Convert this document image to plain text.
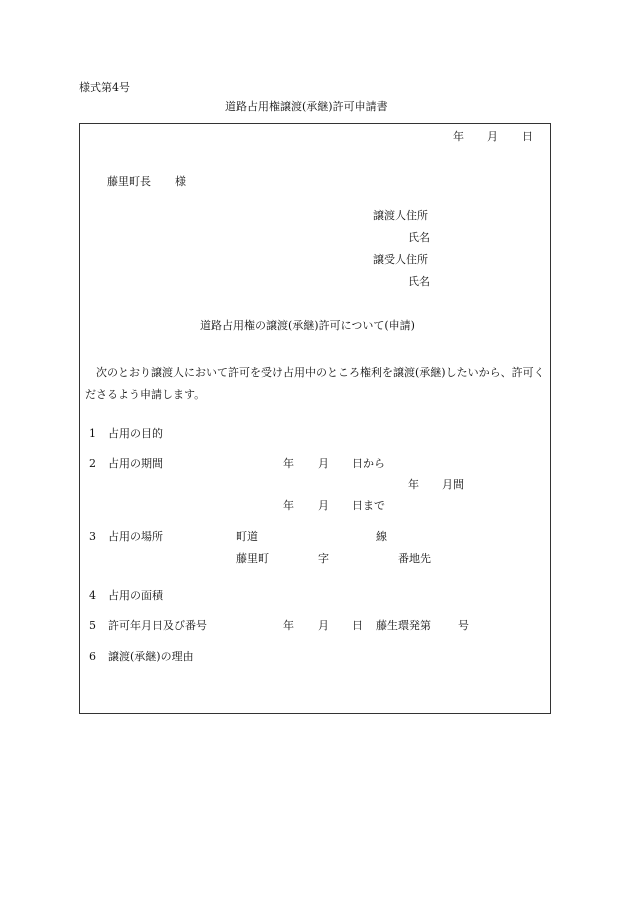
様式第4号
道路占用権譲渡(承継)許可申請書
年 月 日
藤里町長 様
譲渡人住所
氏名
譲受人住所
氏名
道路占用権の譲渡(承継)許可について(申請)
次のとおり譲渡人において許可を受け占用中のところ権利を譲渡(承継)したいから、許可くださるよう申請します。
1 占用の目的
2 占用の期間	年 月 日から
年 月間
年 月 日まで
3 占用の場所	町道	線
藤里町	字	番地先
4 占用の面積
5 許可年月日及び番号	年 月 日 藤生環発第 号
6 譲渡(承継)の理由
